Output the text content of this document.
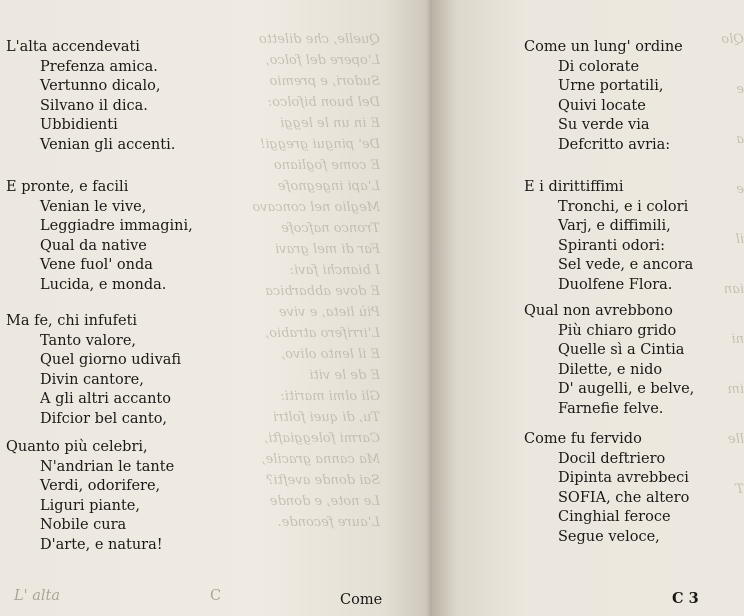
Quelle, che diletto
L'opere del folco,
Sudori, e premio
Del buon bifolco:
E in un le leggi
De' pingui greggi!
E come fogliano
L'api ingegnofe
Meglio nel concavo
Tronco nafcofe
Far di mel gravi
I bianchi favi:
E dove abbarbica
Più lieta, e vive
L'irrifero atrabio,
E il lento olivo,
E de le viti
Gli olmi mariti:
Tu, di quei foltri
Carmi foleggiafti,
Ma canna gracile,
Sai donde avefti?
Le note, e donde
L'aure feconde.
L'alta accendevati
Prefenza amica.
Vertunno dicalo,
Silvano il dica.
Ubbidienti
Venian gli accenti.
E pronte, e facili
Venian le vive,
Leggiadre immagini,
Qual da native
Vene fuol' onda
Lucida, e monda.
Ma fe, chi infufeti
Tanto valore,
Quel giorno udivafi
Divin cantore,
A gli altri accanto
Difcior bel canto,
Quanto più celebri,
N'andrian le tante
Verdi, odorifere,
Liguri piante,
Nobile cura
D'arte, e natura!
L' alta	C	Come
Qlo
e
a
e
il
ian
ni
im
lle
T
Come un lung' ordine
Di colorate
Urne portatili,
Quivi locate
Su verde via
Defcritto avria:
E i dirittiffimi
Tronchi, e i colori
Varj, e diffimili,
Spiranti odori:
Sel vede, e ancora
Duolfene Flora.
Qual non avrebbono
Più chiaro grido
Quelle sì a Cintia
Dilette, e nido
D' augelli, e belve,
Farnefie felve.
Come fu fervido
Docil deftriero
Dipinta avrebbeci
SOFIA, che altero
Cinghial feroce
Segue veloce,
C 3
